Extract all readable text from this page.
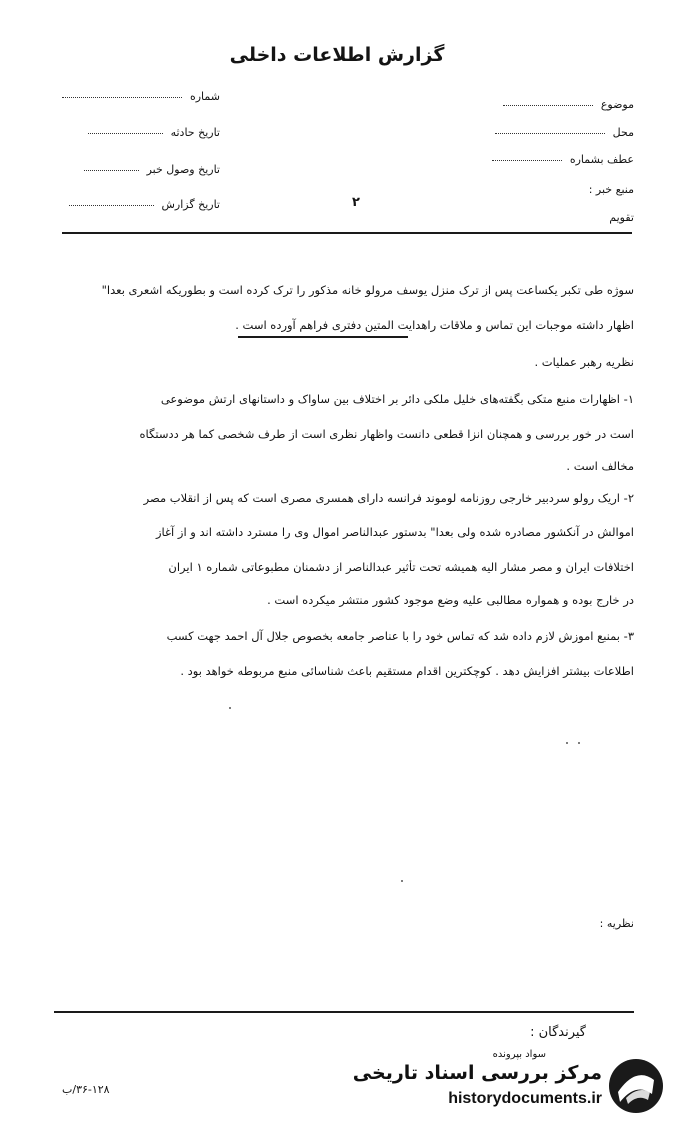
گزارش اطلاعات داخلی
موضوع
محل
عطف بشماره
منبع خبر :
تقویم
شماره
تاریخ حادثه
تاریخ وصول خبر
تاریخ گزارش	۲
سوژه طی تکبر یکساعت پس از ترک منزل یوسف مرولو خانه مذکور را ترک کرده است و بطوریکه اشعری بعدا"
اظهار داشته موجبات این تماس و ملاقات راهدایت المتین دفتری فراهم آورده است .
نظریه رهبر عملیات .
۱- اظهارات منبع متکی بگفته‌های خلیل ملکی دائر بر اختلاف بین ساواک و داستانهای ارتش موضوعی
است در خور بررسی و همچنان انزا قطعی دانست واظهار نظری است از طرف شخصی کما هر ددستگاه
مخالف است .
۲- اریک رولو سردبیر خارجی روزنامه لوموند فرانسه دارای همسری مصری است که پس از انقلاب مصر
اموالش در آنکشور مصادره شده ولی بعدا" بدستور عبدالناصر اموال وی را مسترد داشته اند و از آغاز
اختلافات ایران و مصر مشار الیه همیشه تحت تأثیر عبدالناصر از دشمنان مطبوعاتی شماره ۱ ایران
در خارج بوده و همواره مطالبی علیه وضع موجود کشور منتشر میکرده است .
۳- بمنبع اموزش لازم داده شد که تماس خود را با عناصر جامعه بخصوص جلال آل احمد جهت کسب
اطلاعات بیشتر افزایش دهد . کوچکترین اقدام مستقیم باعث شناسائی منبع مربوطه خواهد بود .
نظریه :
گیرندگان :
سواد بپرونده
۳۶-۱۲۸/ب
مرکز بررسی اسناد تاریخی
historydocuments.ir
